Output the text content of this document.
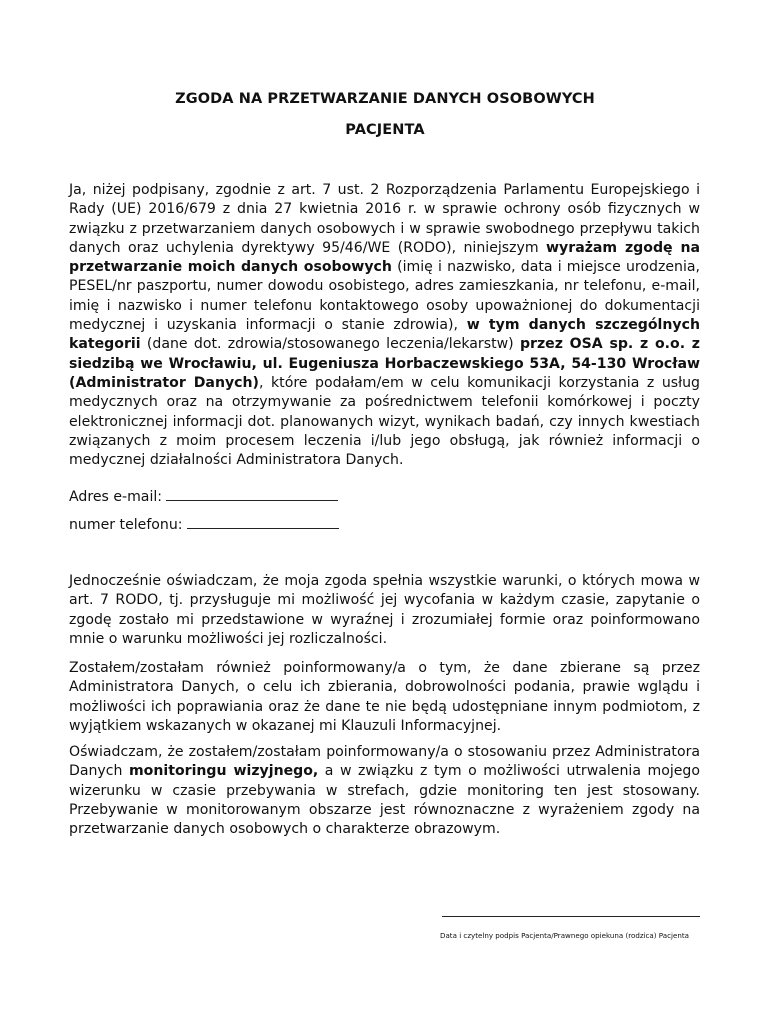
ZGODA NA PRZETWARZANIE DANYCH OSOBOWYCH
PACJENTA

Ja, niżej podpisany, zgodnie z art. 7 ust. 2 Rozporządzenia Parlamentu Europejskiego i Rady (UE) 2016/679 z dnia 27 kwietnia 2016 r. w sprawie ochrony osób fizycznych w związku z przetwarzaniem danych osobowych i w sprawie swobodnego przepływu takich danych oraz uchylenia dyrektywy 95/46/WE (RODO), niniejszym wyrażam zgodę na przetwarzanie moich danych osobowych (imię i nazwisko, data i miejsce urodzenia, PESEL/nr paszportu, numer dowodu osobistego, adres zamieszkania, nr telefonu, e-mail, imię i nazwisko i numer telefonu kontaktowego osoby upoważnionej do dokumentacji medycznej i uzyskania informacji o stanie zdrowia), w tym danych szczególnych kategorii (dane dot. zdrowia/stosowanego leczenia/lekarstw) przez OSA sp. z o.o. z siedzibą we Wrocławiu, ul. Eugeniusza Horbaczewskiego 53A, 54-130 Wrocław (Administrator Danych), które podałam/em w celu komunikacji korzystania z usług medycznych oraz na otrzymywanie za pośrednictwem telefonii komórkowej i poczty elektronicznej informacji dot. planowanych wizyt, wynikach badań, czy innych kwestiach związanych z moim procesem leczenia i/lub jego obsługą, jak również informacji o medycznej działalności Administratora Danych.

Adres e-mail:
numer telefonu:

Jednocześnie oświadczam, że moja zgoda spełnia wszystkie warunki, o których mowa w art. 7 RODO, tj. przysługuje mi możliwość jej wycofania w każdym czasie, zapytanie o zgodę zostało mi przedstawione w wyraźnej i zrozumiałej formie oraz poinformowano mnie o warunku możliwości jej rozliczalności.

Zostałem/zostałam również poinformowany/a o tym, że dane zbierane są przez Administratora Danych, o celu ich zbierania, dobrowolności podania, prawie wglądu i możliwości ich poprawiania oraz że dane te nie będą udostępniane innym podmiotom, z wyjątkiem wskazanych w okazanej mi Klauzuli Informacyjnej.

Oświadczam, że zostałem/zostałam poinformowany/a o stosowaniu przez Administratora Danych monitoringu wizyjnego, a w związku z tym o możliwości utrwalenia mojego wizerunku w czasie przebywania w strefach, gdzie monitoring ten jest stosowany. Przebywanie w monitorowanym obszarze jest równoznaczne z wyrażeniem zgody na przetwarzanie danych osobowych o charakterze obrazowym.

Data i czytelny podpis Pacjenta/Prawnego opiekuna (rodzica) Pacjenta
